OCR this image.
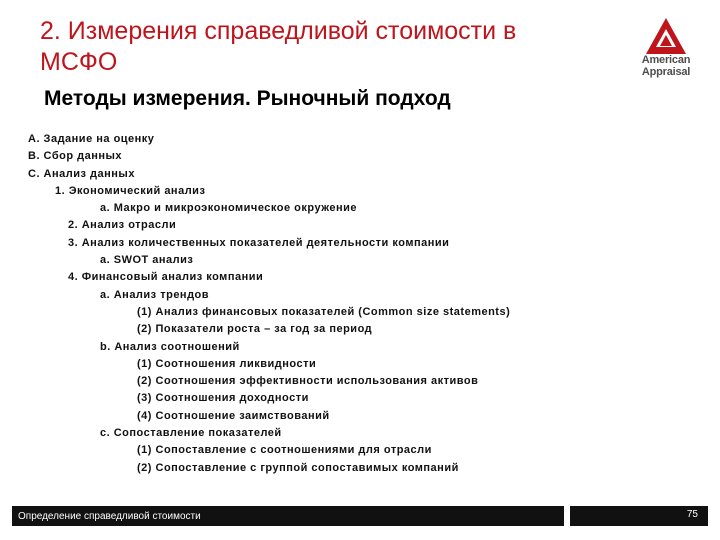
2. Измерения справедливой стоимости в МСФО
Методы измерения. Рыночный подход
American
Appraisal
A. Задание на оценку
B. Сбор данных
C. Анализ данных
1. Экономический анализ
a. Макро и микроэкономическое окружение
2. Анализ отрасли
3. Анализ количественных показателей деятельности компании
a. SWOT анализ
4. Финансовый анализ компании
a. Анализ трендов
(1) Анализ финансовых показателей (Common size statements)
(2) Показатели роста – за год за период
b. Анализ соотношений
(1) Соотношения ликвидности
(2) Соотношения эффективности использования активов
(3) Соотношения доходности
(4) Соотношение заимствований
c. Сопоставление показателей
(1) Сопоставление с соотношениями для отрасли
(2) Сопоставление с группой сопоставимых компаний
Определение справедливой стоимости	75
